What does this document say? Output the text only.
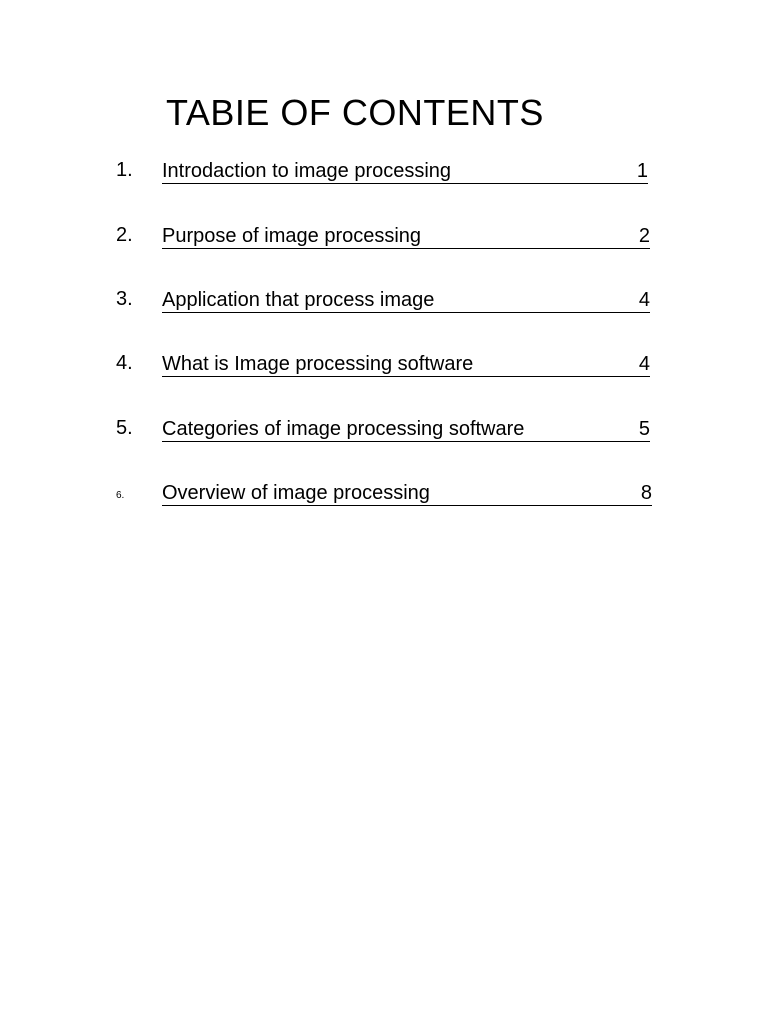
TABIE OF CONTENTS
1. Introdaction to image processing	1
2. Purpose of image processing	2
3. Application that process image	4
4. What is Image processing software	4
5. Categories of image processing software	5
6. Overview of image processing	8
